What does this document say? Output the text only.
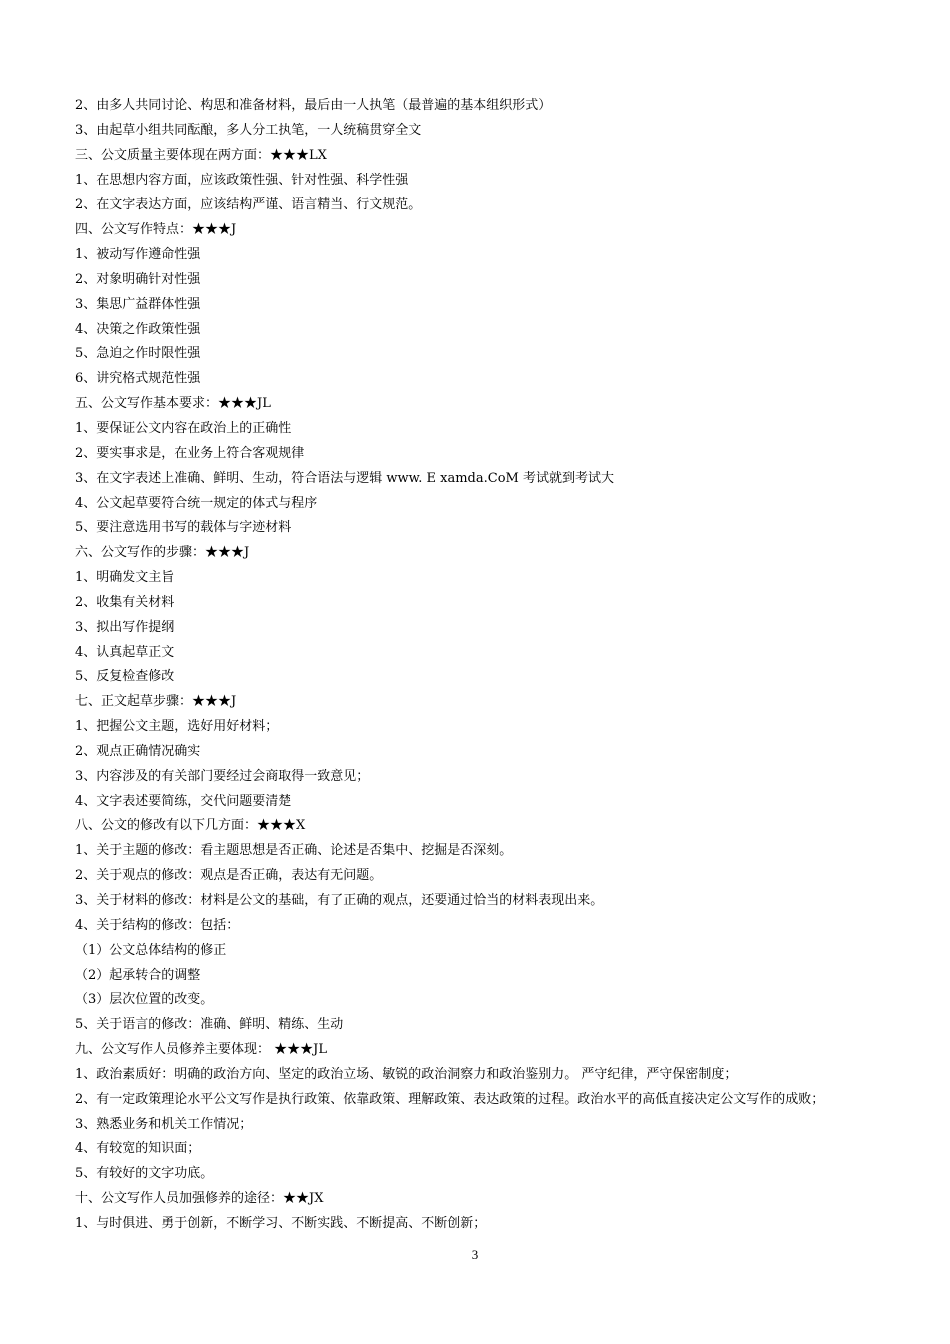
2、由多人共同讨论、构思和准备材料，最后由一人执笔（最普遍的基本组织形式）
3、由起草小组共同酝酿，多人分工执笔，一人统稿贯穿全文
三、公文质量主要体现在两方面：★★★LX
1、在思想内容方面，应该政策性强、针对性强、科学性强
2、在文字表达方面，应该结构严谨、语言精当、行文规范。
四、公文写作特点：★★★J
1、被动写作遵命性强
2、对象明确针对性强
3、集思广益群体性强
4、决策之作政策性强
5、急迫之作时限性强
6、讲究格式规范性强
五、公文写作基本要求：★★★JL
1、要保证公文内容在政治上的正确性
2、要实事求是，在业务上符合客观规律
3、在文字表述上准确、鲜明、生动，符合语法与逻辑 www. E xamda.CoM 考试就到考试大
4、公文起草要符合统一规定的体式与程序
5、要注意选用书写的载体与字迹材料
六、公文写作的步骤：★★★J
1、明确发文主旨
2、收集有关材料
3、拟出写作提纲
4、认真起草正文
5、反复检查修改
七、正文起草步骤：★★★J
1、把握公文主题，选好用好材料；
2、观点正确情况确实
3、内容涉及的有关部门要经过会商取得一致意见；
4、文字表述要简练，交代问题要清楚
八、公文的修改有以下几方面：★★★X
1、关于主题的修改：看主题思想是否正确、论述是否集中、挖掘是否深刻。
2、关于观点的修改：观点是否正确，表达有无问题。
3、关于材料的修改：材料是公文的基础，有了正确的观点，还要通过恰当的材料表现出来。
4、关于结构的修改：包括：
（1）公文总体结构的修正
（2）起承转合的调整
（3）层次位置的改变。
5、关于语言的修改：准确、鲜明、精练、生动
九、公文写作人员修养主要体现： ★★★JL
1、政治素质好：明确的政治方向、坚定的政治立场、敏锐的政治洞察力和政治鉴别力。 严守纪律，严守保密制度；
2、有一定政策理论水平公文写作是执行政策、依靠政策、理解政策、表达政策的过程。政治水平的高低直接决定公文写作的成败；
3、熟悉业务和机关工作情况；
4、有较宽的知识面；
5、有较好的文字功底。
十、公文写作人员加强修养的途径：★★JX
1、与时俱进、勇于创新，不断学习、不断实践、不断提高、不断创新；
3
